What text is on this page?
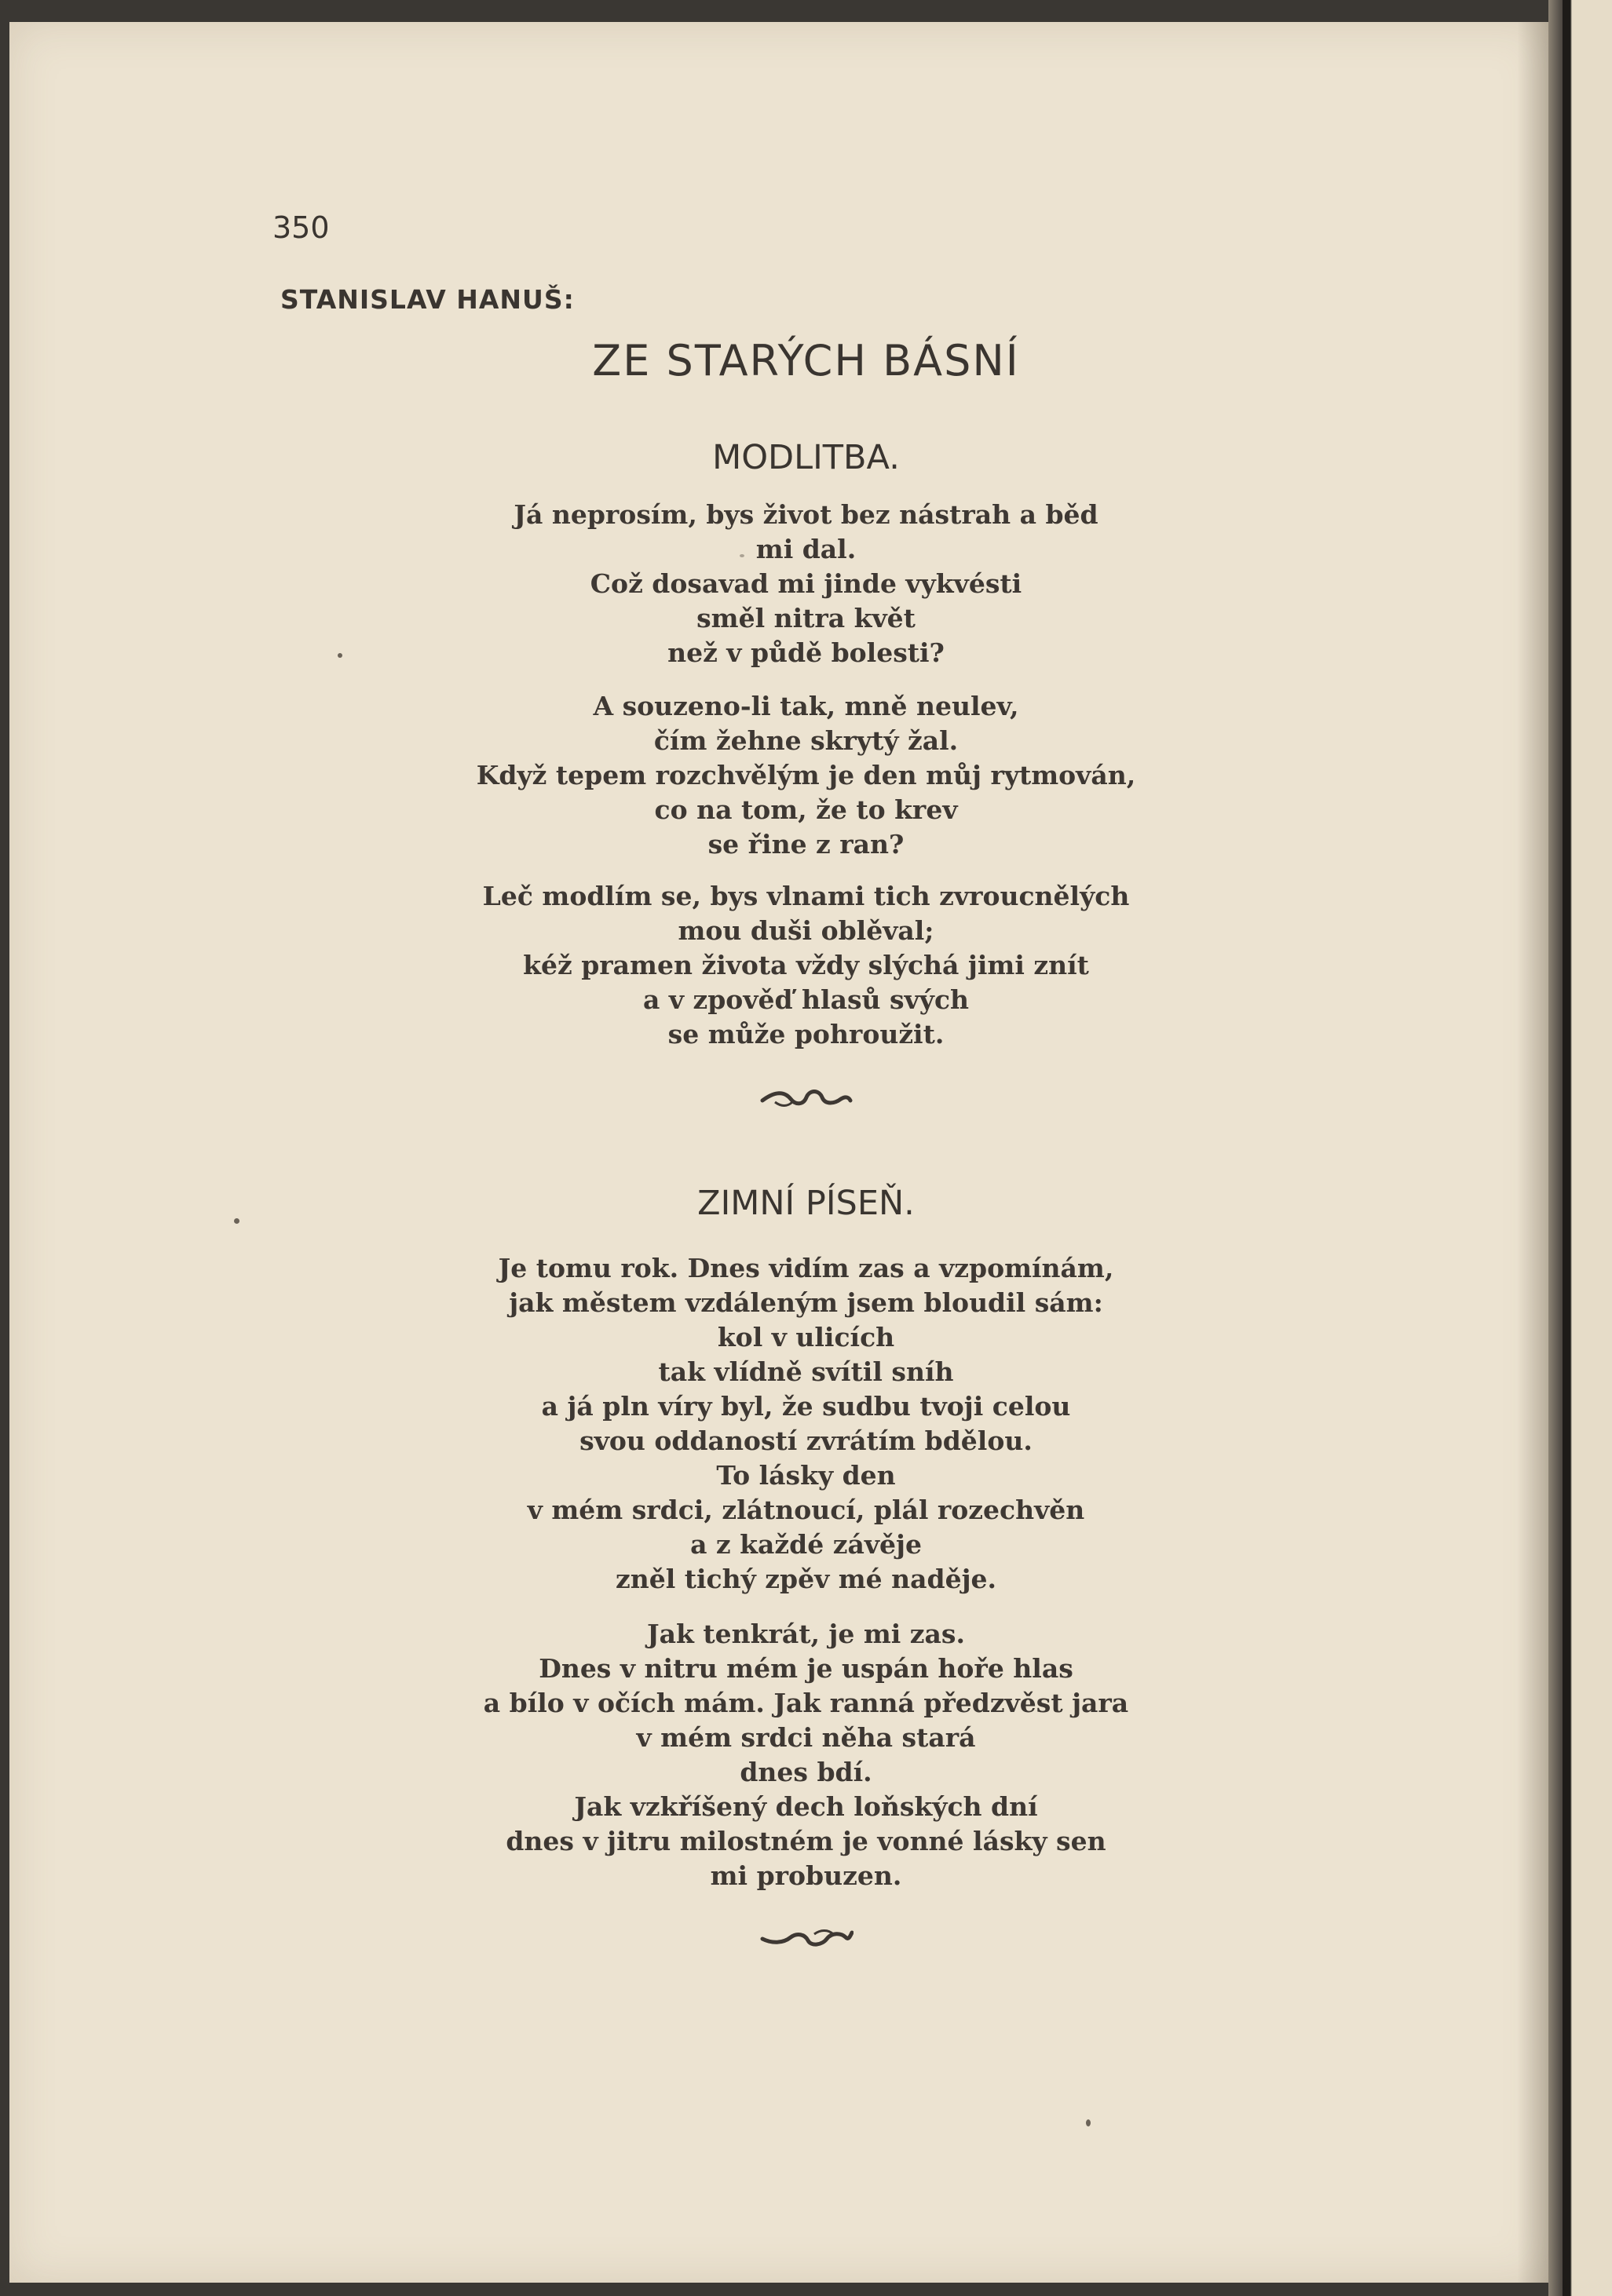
350
STANISLAV HANUŠ:
ZE STARÝCH BÁSNÍ
MODLITBA.
Já neprosím, bys život bez nástrah a běd
mi dal.
Což dosavad mi jinde vykvésti
směl nitra květ
než v půdě bolesti?
A souzeno-li tak, mně neulev,
čím žehne skrytý žal.
Když tepem rozchvělým je den můj rytmován,
co na tom, že to krev
se řine z ran?
Leč modlím se, bys vlnami tich zvroucnělých
mou duši oblěval;
kéž pramen života vždy slýchá jimi znít
a v zpověď hlasů svých
se může pohroužit.
ZIMNÍ PÍSEŇ.
Je tomu rok. Dnes vidím zas a vzpomínám,
jak městem vzdáleným jsem bloudil sám:
kol v ulicích
tak vlídně svítil sníh
a já pln víry byl, že sudbu tvoji celou
svou oddaností zvrátím bdělou.
To lásky den
v mém srdci, zlátnoucí, plál rozechvěn
a z každé závěje
zněl tichý zpěv mé naděje.
Jak tenkrát, je mi zas.
Dnes v nitru mém je uspán hoře hlas
a bílo v očích mám. Jak ranná předzvěst jara
v mém srdci něha stará
dnes bdí.
Jak vzkříšený dech loňských dní
dnes v jitru milostném je vonné lásky sen
mi probuzen.
